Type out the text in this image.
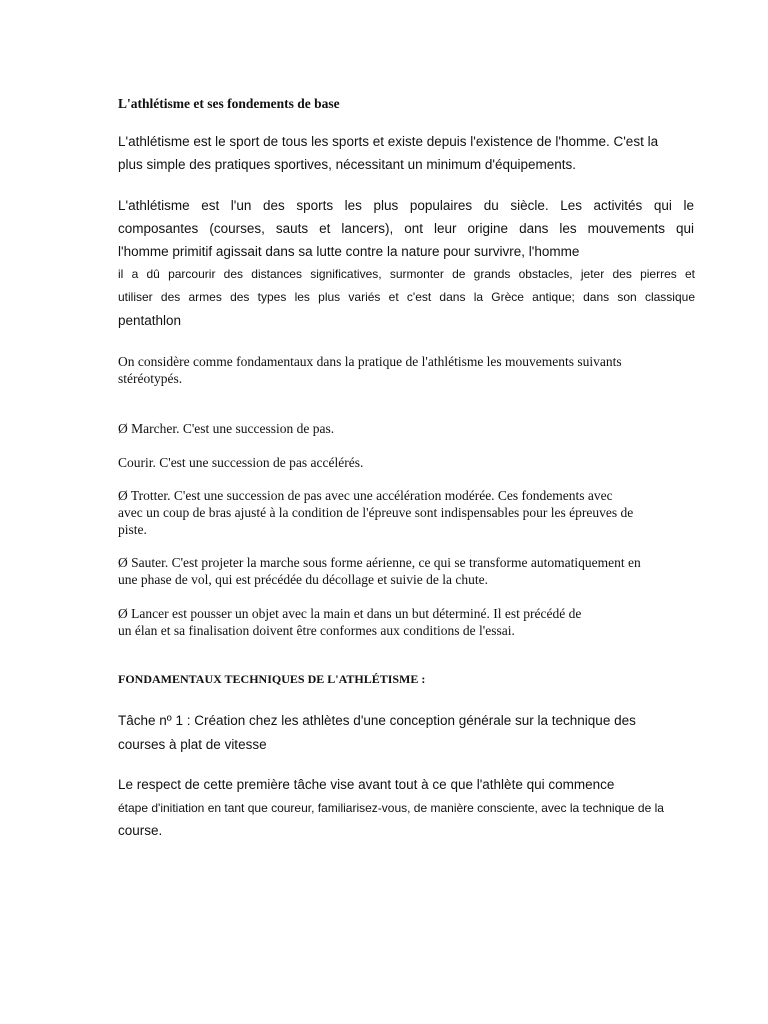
L'athlétisme et ses fondements de base

L'athlétisme est le sport de tous les sports et existe depuis l'existence de l'homme. C'est la

plus simple des pratiques sportives, nécessitant un minimum d'équipements.

L'athlétisme est l'un des sports les plus populaires du siècle. Les activités qui le

composantes (courses, sauts et lancers), ont leur origine dans les mouvements qui

l'homme primitif agissait dans sa lutte contre la nature pour survivre, l'homme

il a dû parcourir des distances significatives, surmonter de grands obstacles, jeter des pierres et

utiliser des armes des types les plus variés et c'est dans la Grèce antique; dans son classique

pentathlon

On considère comme fondamentaux dans la pratique de l'athlétisme les mouvements suivants

stéréotypés.

Ø Marcher. C'est une succession de pas.

Courir. C'est une succession de pas accélérés.

Ø Trotter. C'est une succession de pas avec une accélération modérée. Ces fondements avec

avec un coup de bras ajusté à la condition de l'épreuve sont indispensables pour les épreuves de

piste.

Ø Sauter. C'est projeter la marche sous forme aérienne, ce qui se transforme automatiquement en

une phase de vol, qui est précédée du décollage et suivie de la chute.

Ø Lancer est pousser un objet avec la main et dans un but déterminé. Il est précédé de

un élan et sa finalisation doivent être conformes aux conditions de l'essai.

FONDAMENTAUX TECHNIQUES DE L'ATHLÉTISME :

Tâche nº 1 : Création chez les athlètes d'une conception générale sur la technique des

courses à plat de vitesse

Le respect de cette première tâche vise avant tout à ce que l'athlète qui commence

étape d'initiation en tant que coureur, familiarisez-vous, de manière consciente, avec la technique de la

course.
